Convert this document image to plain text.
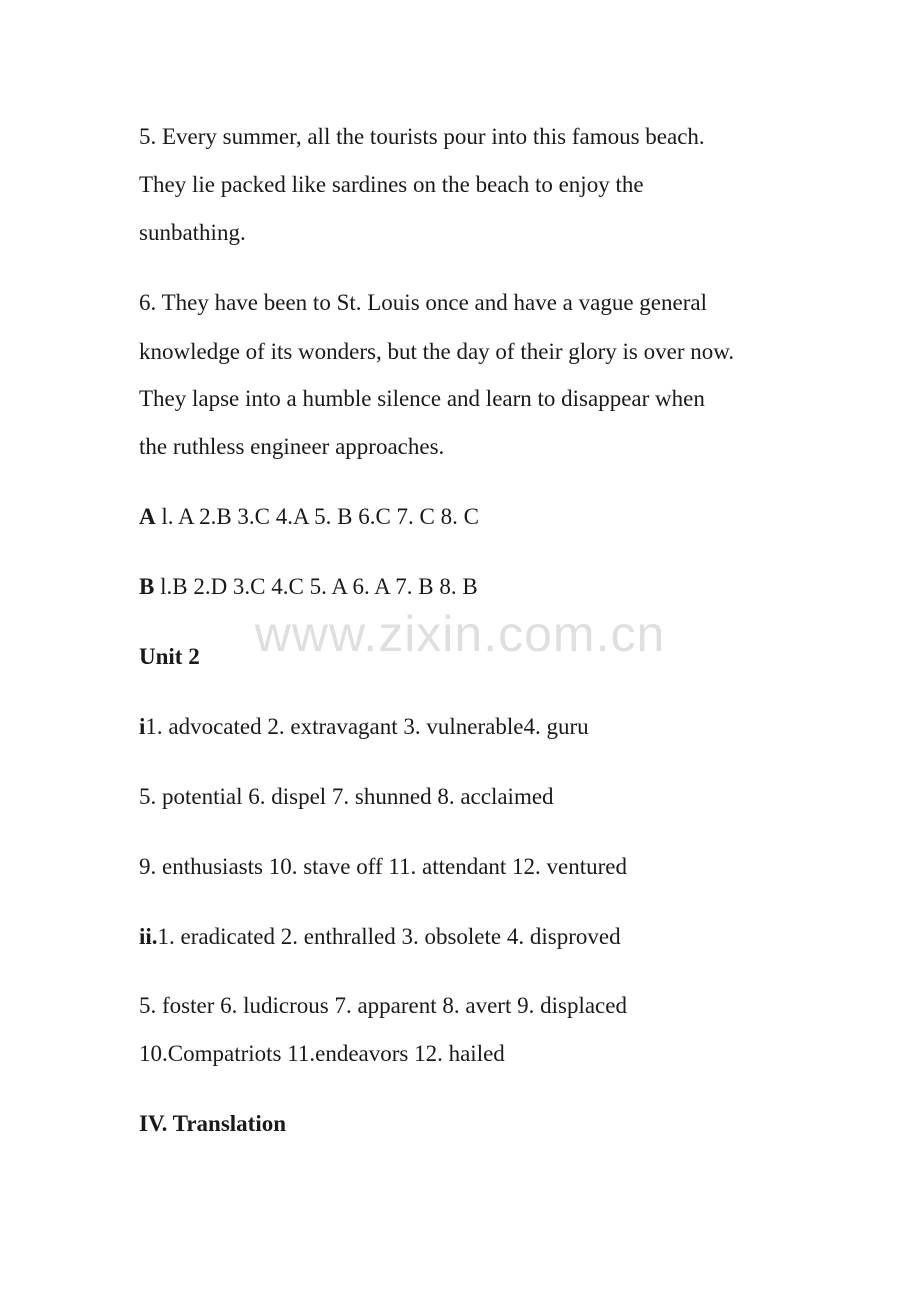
www.zixin.com.cn
5. Every summer, all the tourists pour into this famous beach.
They lie packed like sardines on the beach to enjoy the
sunbathing.
6. They have been to St. Louis once and have a vague general
knowledge of its wonders, but the day of their glory is over now.
They lapse into a humble silence and learn to disappear when
the ruthless engineer approaches.
A l. A 2.B 3.C 4.A 5. B 6.C 7. C 8. C
B l.B 2.D 3.C 4.C 5. A 6. A 7. B 8. B
Unit 2
i1. advocated 2. extravagant 3. vulnerable4. guru
5. potential 6. dispel 7. shunned 8. acclaimed
9. enthusiasts 10. stave off 11. attendant 12. ventured
ii.1. eradicated 2. enthralled 3. obsolete 4. disproved
5. foster 6. ludicrous 7. apparent 8. avert 9. displaced
10.Compatriots 11.endeavors 12. hailed
IV. Translation
